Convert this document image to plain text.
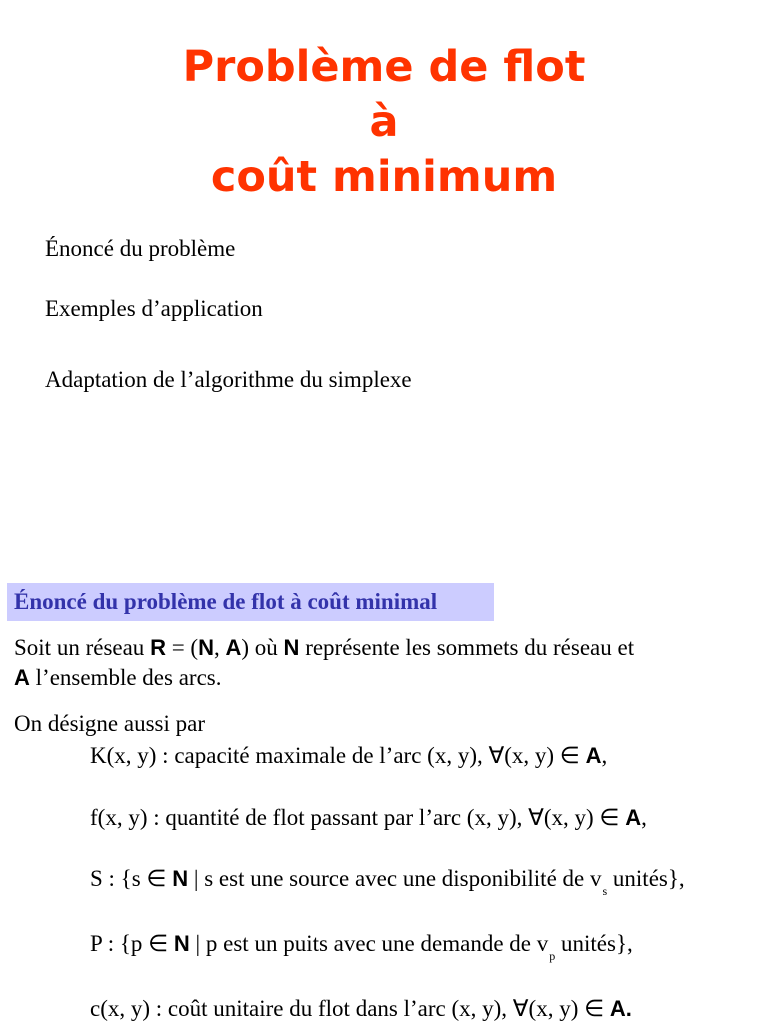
Problème de flot
à
coût minimum
Énoncé du problème
Exemples d’application
Adaptation de l’algorithme du simplexe
Énoncé du problème de flot à coût minimal
Soit un réseau R = (N, A) où N représente les sommets du réseau et
A l’ensemble des arcs.
On désigne aussi par
K(x, y) : capacité maximale de l’arc (x, y), ∀(x, y) ∈ A,
f(x, y) : quantité de flot passant par l’arc (x, y), ∀(x, y) ∈ A,
S : {s ∈ N | s est une source avec une disponibilité de $v_s$ unités},
P : {p ∈ N | p est un puits avec une demande de $v_p$ unités},
c(x, y) : coût unitaire du flot dans l’arc (x, y), ∀(x, y) ∈ A.
